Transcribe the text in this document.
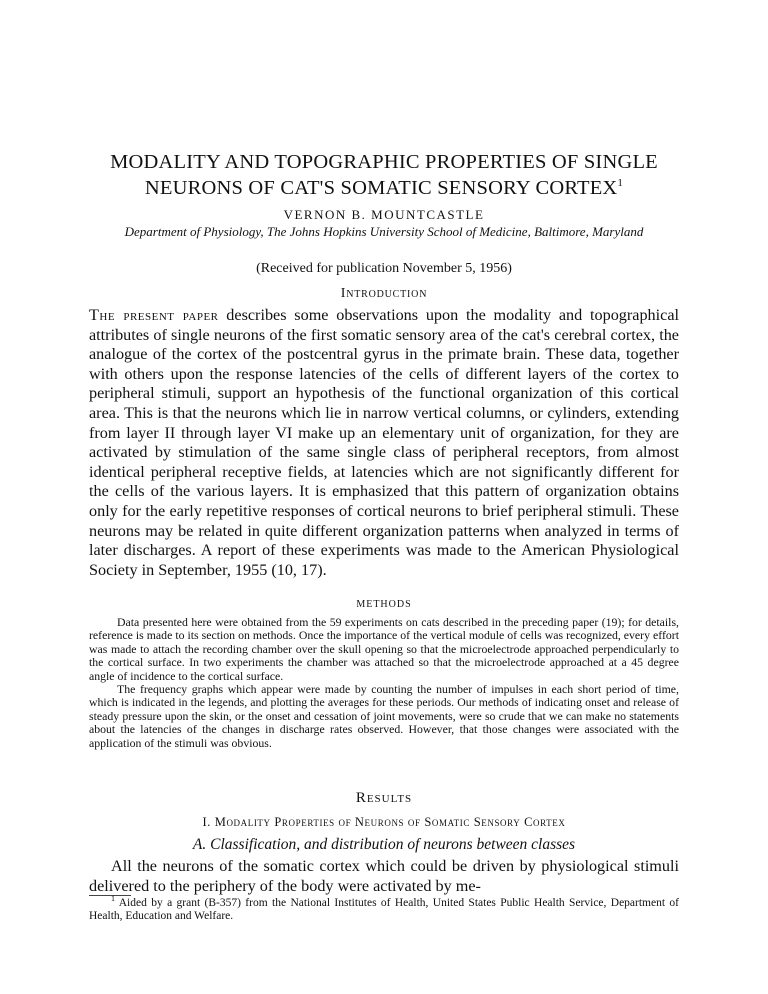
MODALITY AND TOPOGRAPHIC PROPERTIES OF SINGLE
NEURONS OF CAT'S SOMATIC SENSORY CORTEX$^1$
VERNON B. MOUNTCASTLE
Department of Physiology, The Johns Hopkins University School of Medicine, Baltimore, Maryland
(Received for publication November 5, 1956)
Introduction
The present paper describes some observations upon the modality and topographical attributes of single neurons of the first somatic sensory area of the cat's cerebral cortex, the analogue of the cortex of the postcentral gyrus in the primate brain. These data, together with others upon the response latencies of the cells of different layers of the cortex to peripheral stimuli, support an hypothesis of the functional organization of this cortical area. This is that the neurons which lie in narrow vertical columns, or cylinders, extending from layer II through layer VI make up an elementary unit of organization, for they are activated by stimulation of the same single class of peripheral receptors, from almost identical peripheral receptive fields, at latencies which are not significantly different for the cells of the various layers. It is emphasized that this pattern of organization obtains only for the early repetitive responses of cortical neurons to brief peripheral stimuli. These neurons may be related in quite different organization patterns when analyzed in terms of later discharges. A report of these experiments was made to the American Physiological Society in September, 1955 (10, 17).
METHODS

Data presented here were obtained from the 59 experiments on cats described in the preceding paper (19); for details, reference is made to its section on methods. Once the importance of the vertical module of cells was recognized, every effort was made to attach the recording chamber over the skull opening so that the microelectrode approached perpendicularly to the cortical surface. In two experiments the chamber was attached so that the microelectrode approached at a 45 degree angle of incidence to the cortical surface.

The frequency graphs which appear were made by counting the number of impulses in each short period of time, which is indicated in the legends, and plotting the averages for these periods. Our methods of indicating onset and release of steady pressure upon the skin, or the onset and cessation of joint movements, were so crude that we can make no statements about the latencies of the changes in discharge rates observed. However, that those changes were associated with the application of the stimuli was obvious.

Results
I. Modality Properties of Neurons of Somatic Sensory Cortex
A. Classification, and distribution of neurons between classes
All the neurons of the somatic cortex which could be driven by physiological stimuli delivered to the periphery of the body were activated by me-
$^1$ Aided by a grant (B-357) from the National Institutes of Health, United States Public Health Service, Department of Health, Education and Welfare.
